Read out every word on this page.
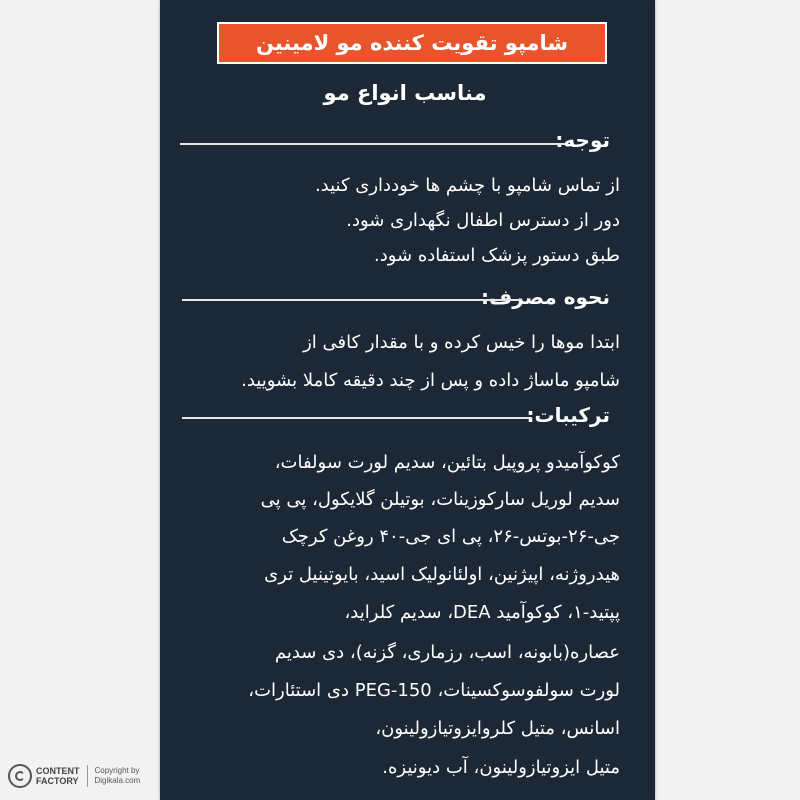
شامپو تقویت کننده مو لامینین
مناسب انواع مو
توجه:
از تماس شامپو با چشم ها خودداری کنید.
دور از دسترس اطفال نگهداری شود.
طبق دستور پزشک استفاده شود.
نحوه مصرف:
ابتدا موها را خیس کرده و با مقدار کافی از
شامپو ماساژ داده و پس از چند دقیقه کاملا بشویید.
ترکیبات:
کوکوآمیدو پروپیل بتائین، سدیم لورت سولفات،
سدیم لوریل سارکوزینات، بوتیلن گلایکول، پی پی
جی-۲۶-بوتس-۲۶، پی ای جی-۴۰ روغن کرچک
هیدروژنه، اپیژنین، اولئانولیک اسید، بایوتینیل تری
پپتید-۱، کوکوآمید DEA، سدیم کلراید،
عصاره(بابونه، اسب، رزماری، گزنه)، دی سدیم
لورت سولفوسوکسینات، PEG-150 دی استئارات،
اسانس، متیل کلروایزوتیازولینون،
متیل ایزوتیازولینون، آب دیونیزه.
CONTENT
FACTORY
Copyright by
Digikala.com
